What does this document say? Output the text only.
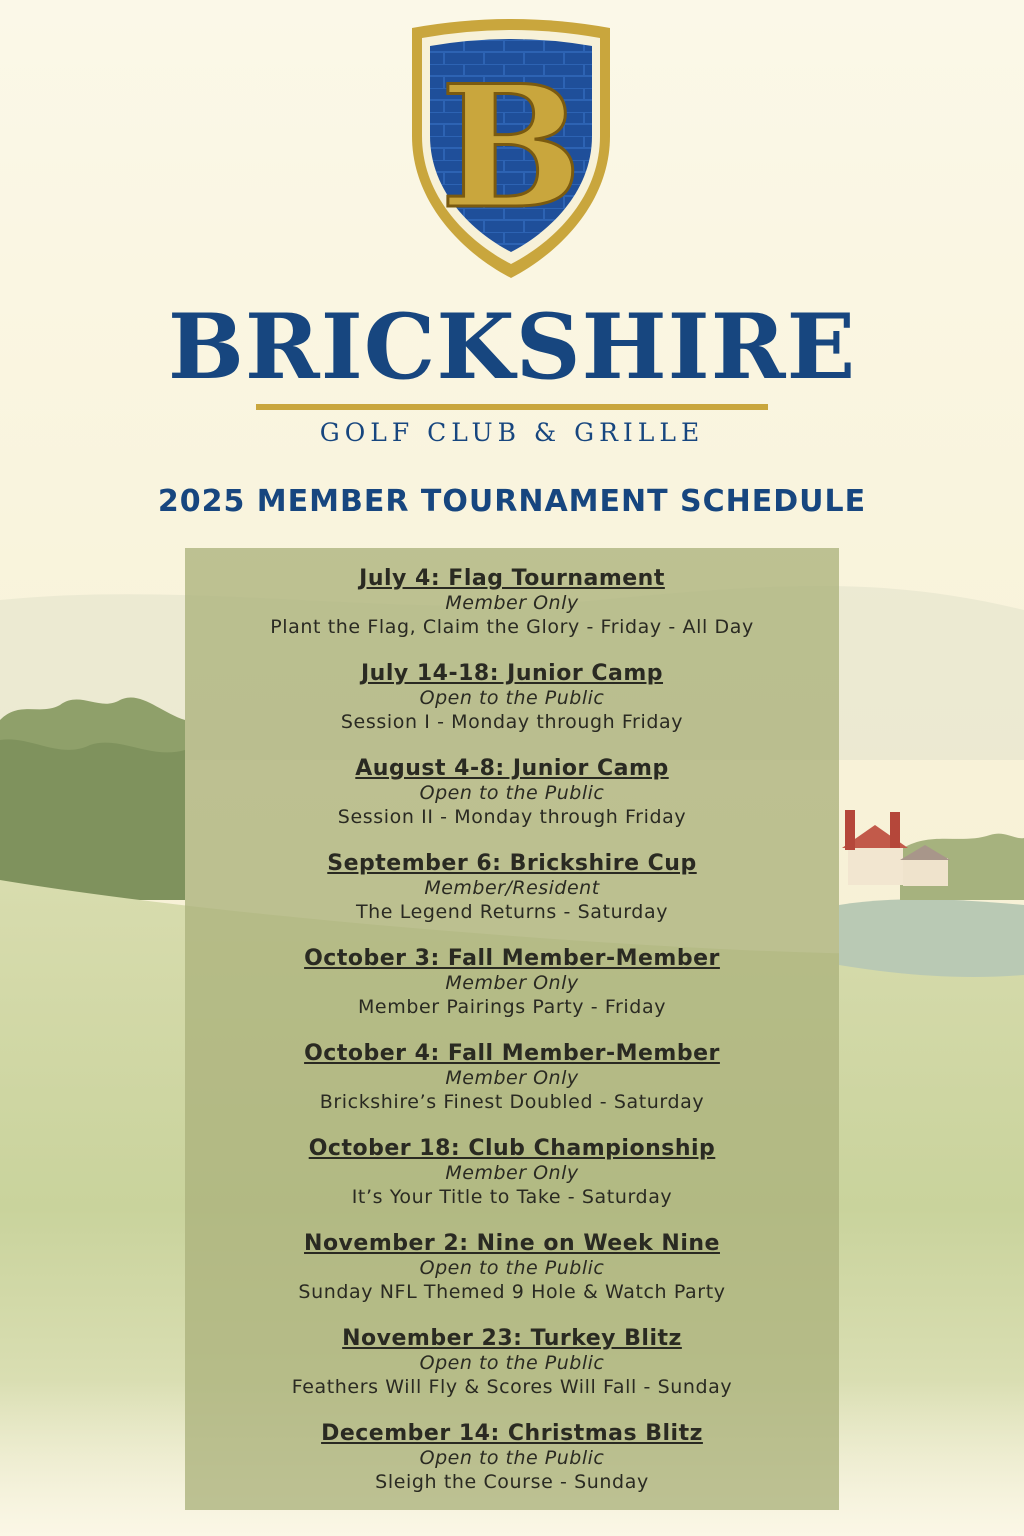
B
BRICKSHIRE
GOLF CLUB & GRILLE
2025 MEMBER TOURNAMENT SCHEDULE
July 4: Flag Tournament
Member Only
Plant the Flag, Claim the Glory - Friday - All Day
July 14-18: Junior Camp
Open to the Public
Session I - Monday through Friday
August 4-8: Junior Camp
Open to the Public
Session II - Monday through Friday
September 6: Brickshire Cup
Member/Resident
The Legend Returns - Saturday
October 3: Fall Member-Member
Member Only
Member Pairings Party - Friday
October 4: Fall Member-Member
Member Only
Brickshire’s Finest Doubled - Saturday
October 18: Club Championship
Member Only
It’s Your Title to Take - Saturday
November 2: Nine on Week Nine
Open to the Public
Sunday NFL Themed 9 Hole & Watch Party
November 23: Turkey Blitz
Open to the Public
Feathers Will Fly & Scores Will Fall - Sunday
December 14: Christmas Blitz
Open to the Public
Sleigh the Course - Sunday
